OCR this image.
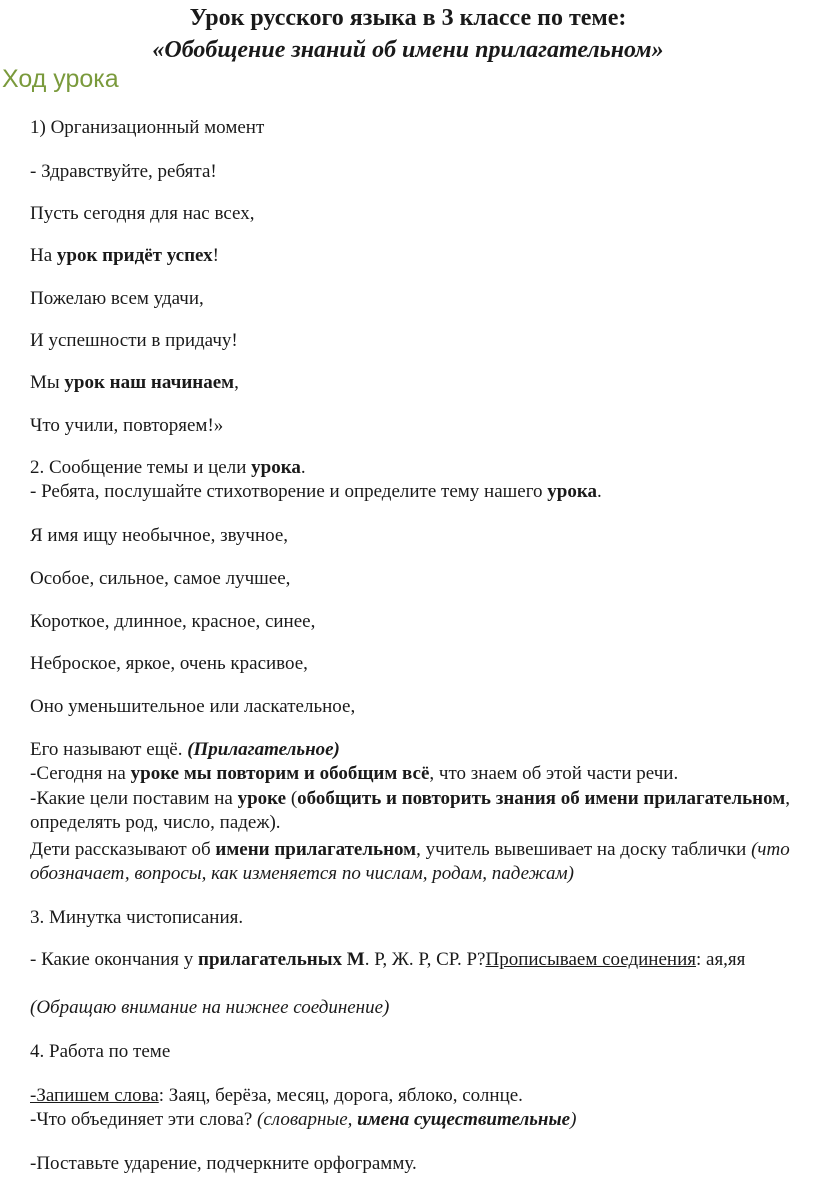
Урок русского языка в 3 классе по теме:

«Обобщение знаний об имени прилагательном»

Ход урока

1) Организационный момент

- Здравствуйте, ребята!

Пусть сегодня для нас всех,

На урок придёт успех!

Пожелаю всем удачи,

И успешности в придачу!

Мы урок наш начинаем,

Что учили, повторяем!»

2. Сообщение темы и цели урока.

- Ребята, послушайте стихотворение и определите тему нашего урока.

Я имя ищу необычное, звучное,

Особое, сильное, самое лучшее,

Короткое, длинное, красное, синее,

Неброское, яркое, очень красивое,

Оно уменьшительное или ласкательное,

Его называют ещё. (Прилагательное)

-Сегодня на уроке мы повторим и обобщим всё, что знаем об этой части речи.

-Какие цели поставим на уроке (обобщить и повторить знания об имени прилагательном, определять род, число, падеж).

Дети рассказывают об имени прилагательном, учитель вывешивает на доску таблички (что обозначает, вопросы, как изменяется по числам, родам, падежам)

3. Минутка чистописания.

- Какие окончания у прилагательных М. Р, Ж. Р, СР. Р?Прописываем соединения: ая,яя

(Обращаю внимание на нижнее соединение)

4. Работа по теме

-Запишем слова: Заяц, берёза, месяц, дорога, яблоко, солнце.

-Что объединяет эти слова? (словарные, имена существительные)

-Поставьте ударение, подчеркните орфограмму.
